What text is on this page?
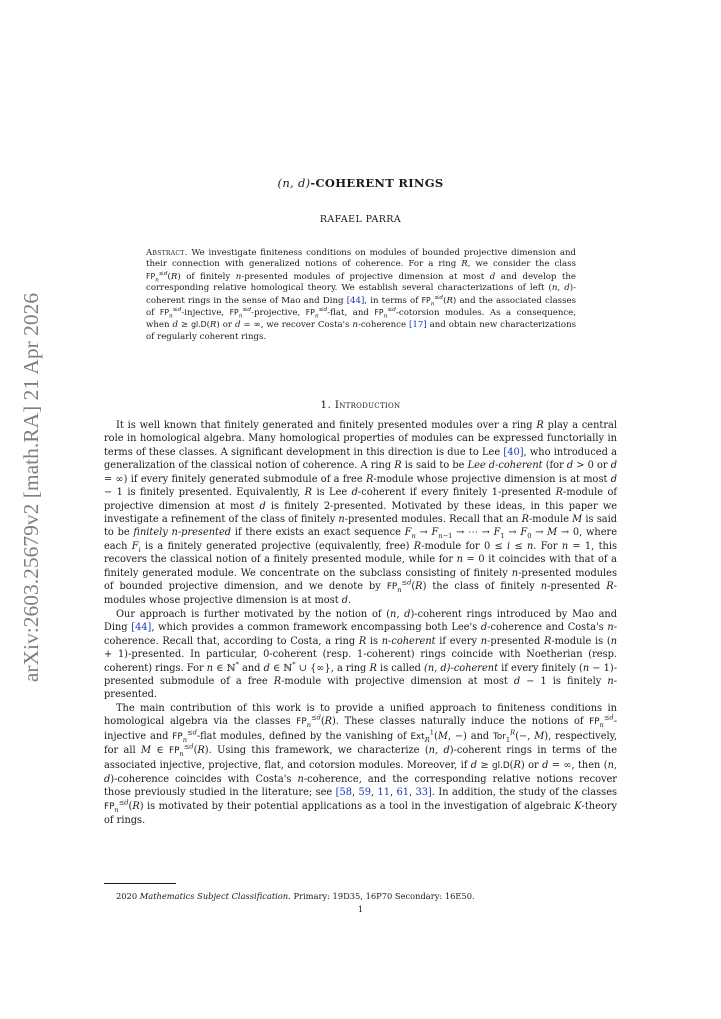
arXiv:2603.25679v2 [math.RA] 21 Apr 2026
(n, d)-COHERENT RINGS
RAFAEL PARRA

Abstract. We investigate finiteness conditions on modules of bounded projective dimension and their connection with generalized notions of coherence. For a ring R, we consider the class $FP_n^{\le d}(R)$ of finitely n-presented modules of projective dimension at most d and develop the corresponding relative homological theory. We establish several characterizations of left (n, d)-coherent rings in the sense of Mao and Ding [44], in terms of $FP_n^{\le d}(R)$ and the associated classes of $FP_n^{\le d}$-injective, $FP_n^{\le d}$-projective, $FP_n^{\le d}$-flat, and $FP_n^{\le d}$-cotorsion modules. As a consequence, when d ≥ gl.D(R) or d = ∞, we recover Costa's n-coherence [17] and obtain new characterizations of regularly coherent rings.

1. Introduction

It is well known that finitely generated and finitely presented modules over a ring R play a central role in homological algebra. Many homological properties of modules can be expressed functorially in terms of these classes. A significant development in this direction is due to Lee [40], who introduced a generalization of the classical notion of coherence. A ring R is said to be Lee d-coherent (for d > 0 or d = ∞) if every finitely generated submodule of a free R-module whose projective dimension is at most d − 1 is finitely presented. Equivalently, R is Lee d-coherent if every finitely 1-presented R-module of projective dimension at most d is finitely 2-presented. Motivated by these ideas, in this paper we investigate a refinement of the class of finitely n-presented modules. Recall that an R-module M is said to be finitely n-presented if there exists an exact sequence $F_n \to F_{n-1}$ → ⋯ → $F_1 \to F_0 \to M \to 0$, where each $F_i$ is a finitely generated projective (equivalently, free) R-module for 0 ≤ i ≤ n. For n = 1, this recovers the classical notion of a finitely presented module, while for n = 0 it coincides with that of a finitely generated module. We concentrate on the subclass consisting of finitely n-presented modules of bounded projective dimension, and we denote by $FP_n^{\le d}(R)$ the class of finitely n-presented R-modules whose projective dimension is at most d.

Our approach is further motivated by the notion of (n, d)-coherent rings introduced by Mao and Ding [44], which provides a common framework encompassing both Lee's d-coherence and Costa's n-coherence. Recall that, according to Costa, a ring R is n-coherent if every n-presented R-module is (n + 1)-presented. In particular, 0-coherent (resp. 1-coherent) rings coincide with Noetherian (resp. coherent) rings. For n ∈ ℕ* and d ∈ ℕ* ∪ {∞}, a ring R is called (n, d)-coherent if every finitely (n − 1)-presented submodule of a free R-module with projective dimension at most d − 1 is finitely n-presented.

The main contribution of this work is to provide a unified approach to finiteness conditions in homological algebra via the classes $FP_n^{\le d}(R)$. These classes naturally induce the notions of $FP_n^{\le d}$-injective and $FP_n^{\le d}$-flat modules, defined by the vanishing of Ext$_R^1$(M, −) and Tor$_1^R$(−, M), respectively, for all M ∈ $FP_n^{\le d}(R)$. Using this framework, we characterize (n, d)-coherent rings in terms of the associated injective, projective, flat, and cotorsion modules. Moreover, if d ≥ gl.D(R) or d = ∞, then (n, d)-coherence coincides with Costa's n-coherence, and the corresponding relative notions recover those previously studied in the literature; see [58, 59, 11, 61, 33]. In addition, the study of the classes $FP_n^{\le d}(R)$ is motivated by their potential applications as a tool in the investigation of algebraic K-theory of rings.

2020 Mathematics Subject Classification. Primary: 19D35, 16P70 Secondary: 16E50.
1
